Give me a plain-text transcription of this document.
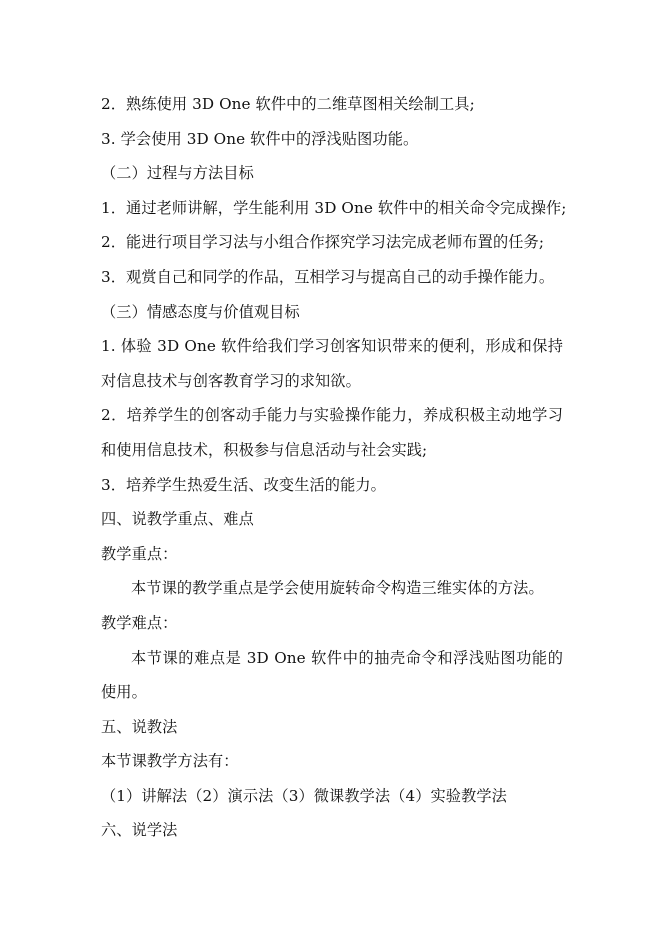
2．熟练使用 3D One 软件中的二维草图相关绘制工具;
3. 学会使用 3D One 软件中的浮浅贴图功能。
（二）过程与方法目标
1．通过老师讲解，学生能利用 3D One 软件中的相关命令完成操作;
2．能进行项目学习法与小组合作探究学习法完成老师布置的任务;
3．观赏自己和同学的作品，互相学习与提高自己的动手操作能力。
（三）情感态度与价值观目标
1. 体验 3D One 软件给我们学习创客知识带来的便利，形成和保持对信息技术与创客教育学习的求知欲。
2．培养学生的创客动手能力与实验操作能力，养成积极主动地学习和使用信息技术，积极参与信息活动与社会实践;
3．培养学生热爱生活、改变生活的能力。
四、说教学重点、难点
教学重点：
本节课的教学重点是学会使用旋转命令构造三维实体的方法。
教学难点：
本节课的难点是 3D One 软件中的抽壳命令和浮浅贴图功能的使用。
五、说教法
本节课教学方法有：
（1）讲解法（2）演示法（3）微课教学法（4）实验教学法
六、说学法
